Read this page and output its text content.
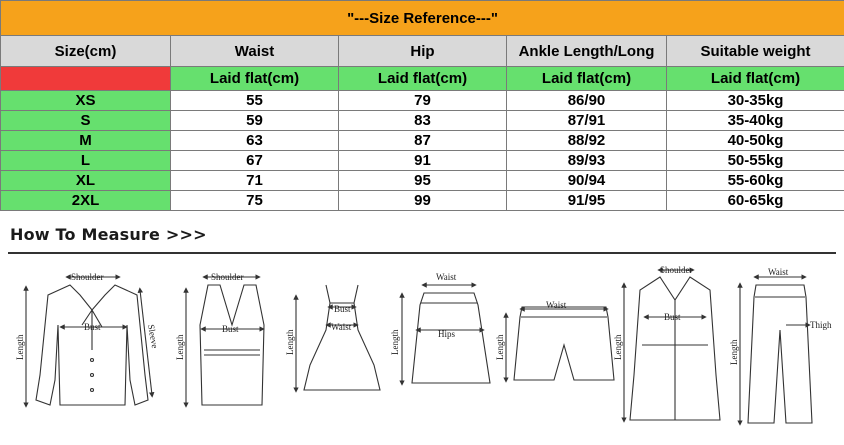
"---Size Reference---"				
Size(cm)	Waist	Hip	Ankle Length/Long	Suitable weight
	Laid flat(cm)	Laid flat(cm)	Laid flat(cm)	Laid flat(cm)
XS	55	79	86/90	30-35kg
S	59	83	87/91	35-40kg
M	63	87	88/92	40-50kg
L	67	91	89/93	50-55kg
XL	71	95	90/94	55-60kg
2XL	75	99	91/95	60-65kg
How To Measure >>>
Shoulder
Bust
Length	Sleeve
Shoulder
Bust
Length
Bust
Waist
Length
Waist
Hips
Length
Waist
Length
Shoulder
Bust
Length
Waist
Thigh
Length
